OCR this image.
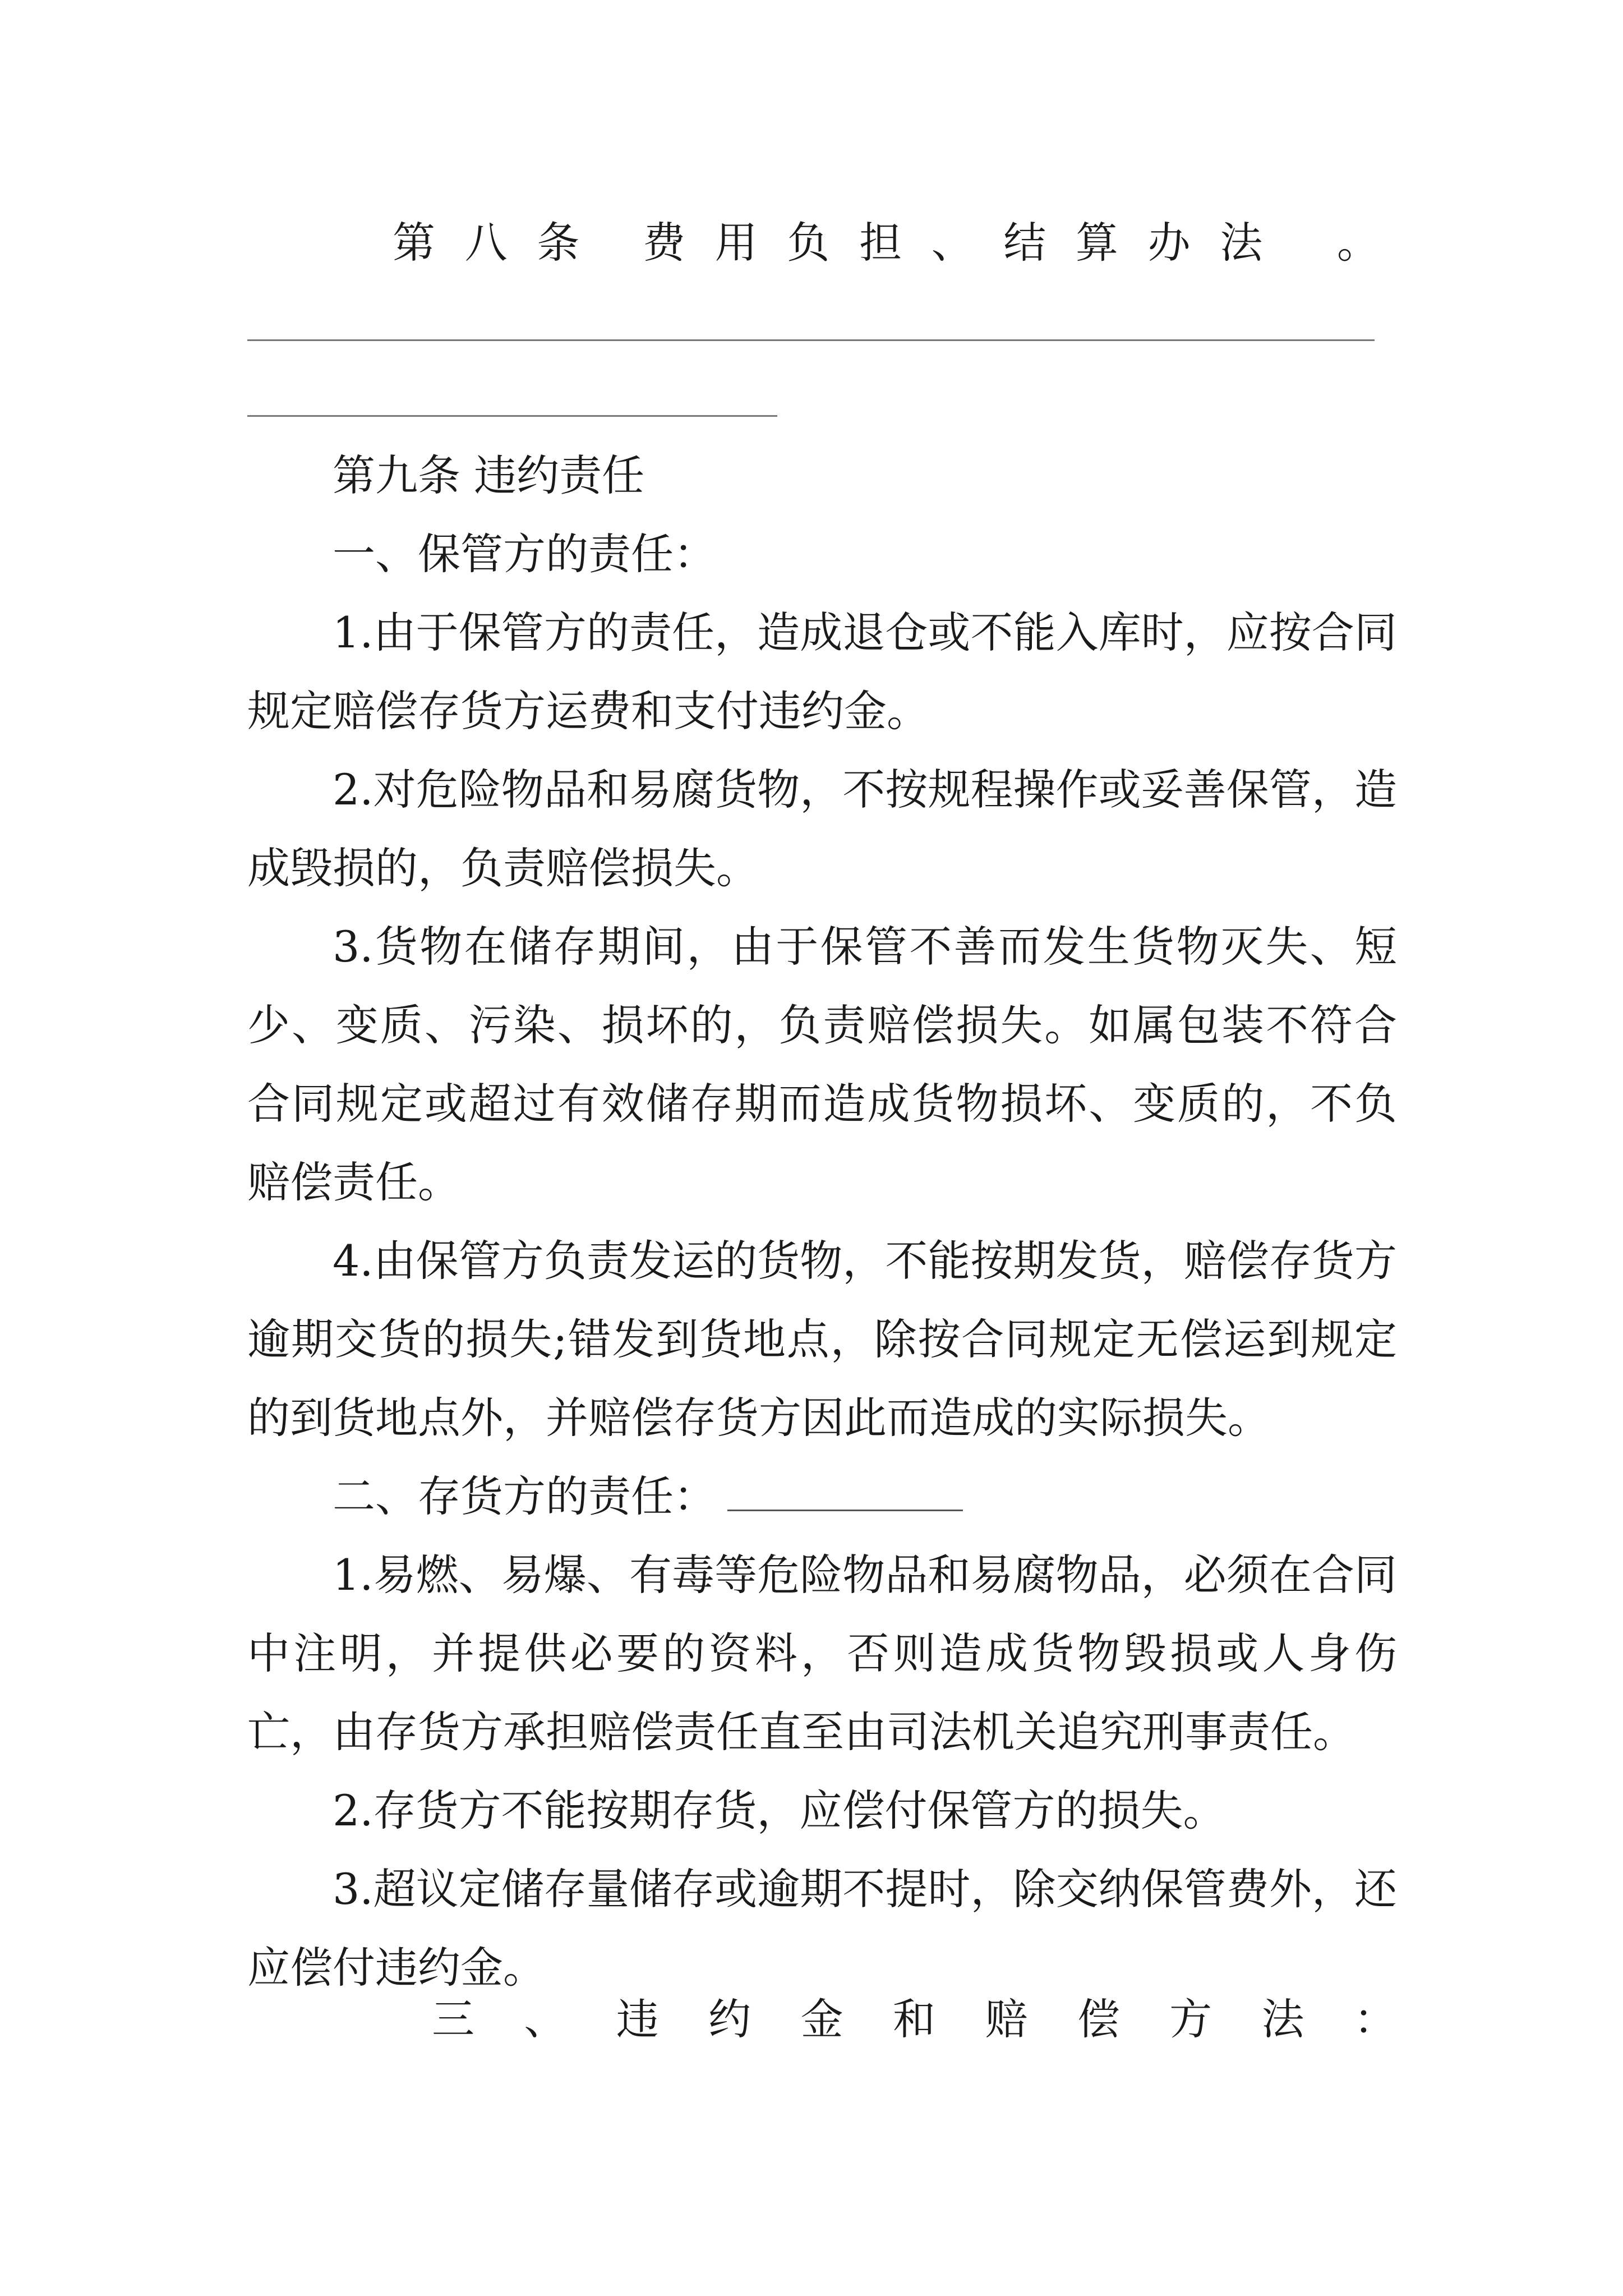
第 八 条 费 用 负 担 、 结 算 办 法 。

第九条 违约责任

一、保管方的责任：

1.由于保管方的责任，造成退仓或不能入库时，应按合同规定赔偿存货方运费和支付违约金。

2.对危险物品和易腐货物，不按规程操作或妥善保管，造成毁损的，负责赔偿损失。

3.货物在储存期间，由于保管不善而发生货物灭失、短少、变质、污染、损坏的，负责赔偿损失。如属包装不符合合同规定或超过有效储存期而造成货物损坏、变质的，不负赔偿责任。

4.由保管方负责发运的货物，不能按期发货，赔偿存货方逾期交货的损失;错发到货地点，除按合同规定无偿运到规定的到货地点外，并赔偿存货方因此而造成的实际损失。

二、存货方的责任：

1.易燃、易爆、有毒等危险物品和易腐物品，必须在合同中注明，并提供必要的资料，否则造成货物毁损或人身伤亡，由存货方承担赔偿责任直至由司法机关追究刑事责任。

2.存货方不能按期存货，应偿付保管方的损失。

3.超议定储存量储存或逾期不提时，除交纳保管费外，还应偿付违约金。

三 、 违 约 金 和 赔 偿 方 法 ：
